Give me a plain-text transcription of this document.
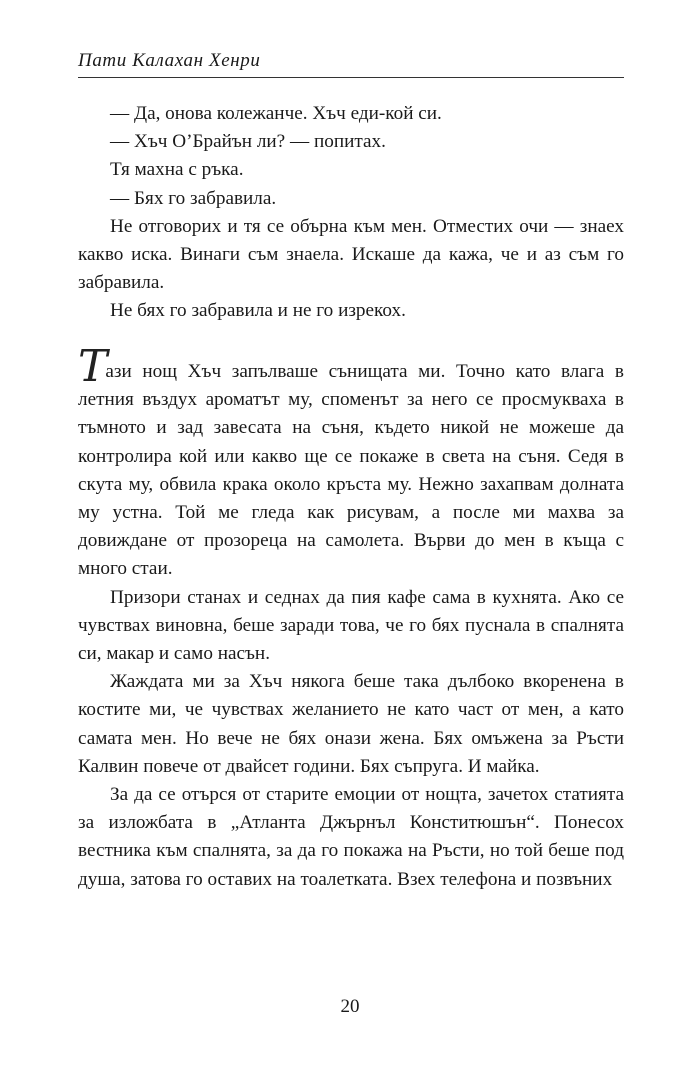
Пати Калахан Хенри

— Да, онова колежанче. Хъч еди-кой си.

— Хъч О’Брайън ли? — попитах.

Тя махна с ръка.

— Бях го забравила.

Не отговорих и тя се обърна към мен. Отместих очи — знаех какво иска. Винаги съм знаела. Искаше да кажа, че и аз съм го забравила.

Не бях го забравила и не го изрекох.

Тази нощ Хъч запълваше сънищата ми. Точно като влага в летния въздух ароматът му, споменът за него се просмукваха в тъмното и зад завесата на съня, където никой не можеше да контролира кой или какво ще се покаже в света на съня. Седя в скута му, обвила крака около кръста му. Нежно захапвам долната му устна. Той ме гледа как рисувам, а после ми махва за довиждане от прозореца на самолета. Върви до мен в къща с много стаи.

Призори станах и седнах да пия кафе сама в кухнята. Ако се чувствах виновна, беше заради това, че го бях пуснала в спалнята си, макар и само насън.

Жаждата ми за Хъч някога беше така дълбоко вкоренена в костите ми, че чувствах желанието не като част от мен, а като самата мен. Но вече не бях онази жена. Бях омъжена за Ръсти Калвин повече от двайсет години. Бях съпруга. И майка.

За да се отърся от старите емоции от нощта, зачетох статията за изложбата в „Атланта Джърнъл Конститюшън“. Понесох вестника към спалнята, за да го покажа на Ръсти, но той беше под душа, затова го оставих на тоалетката. Взех телефона и позвъних

20
